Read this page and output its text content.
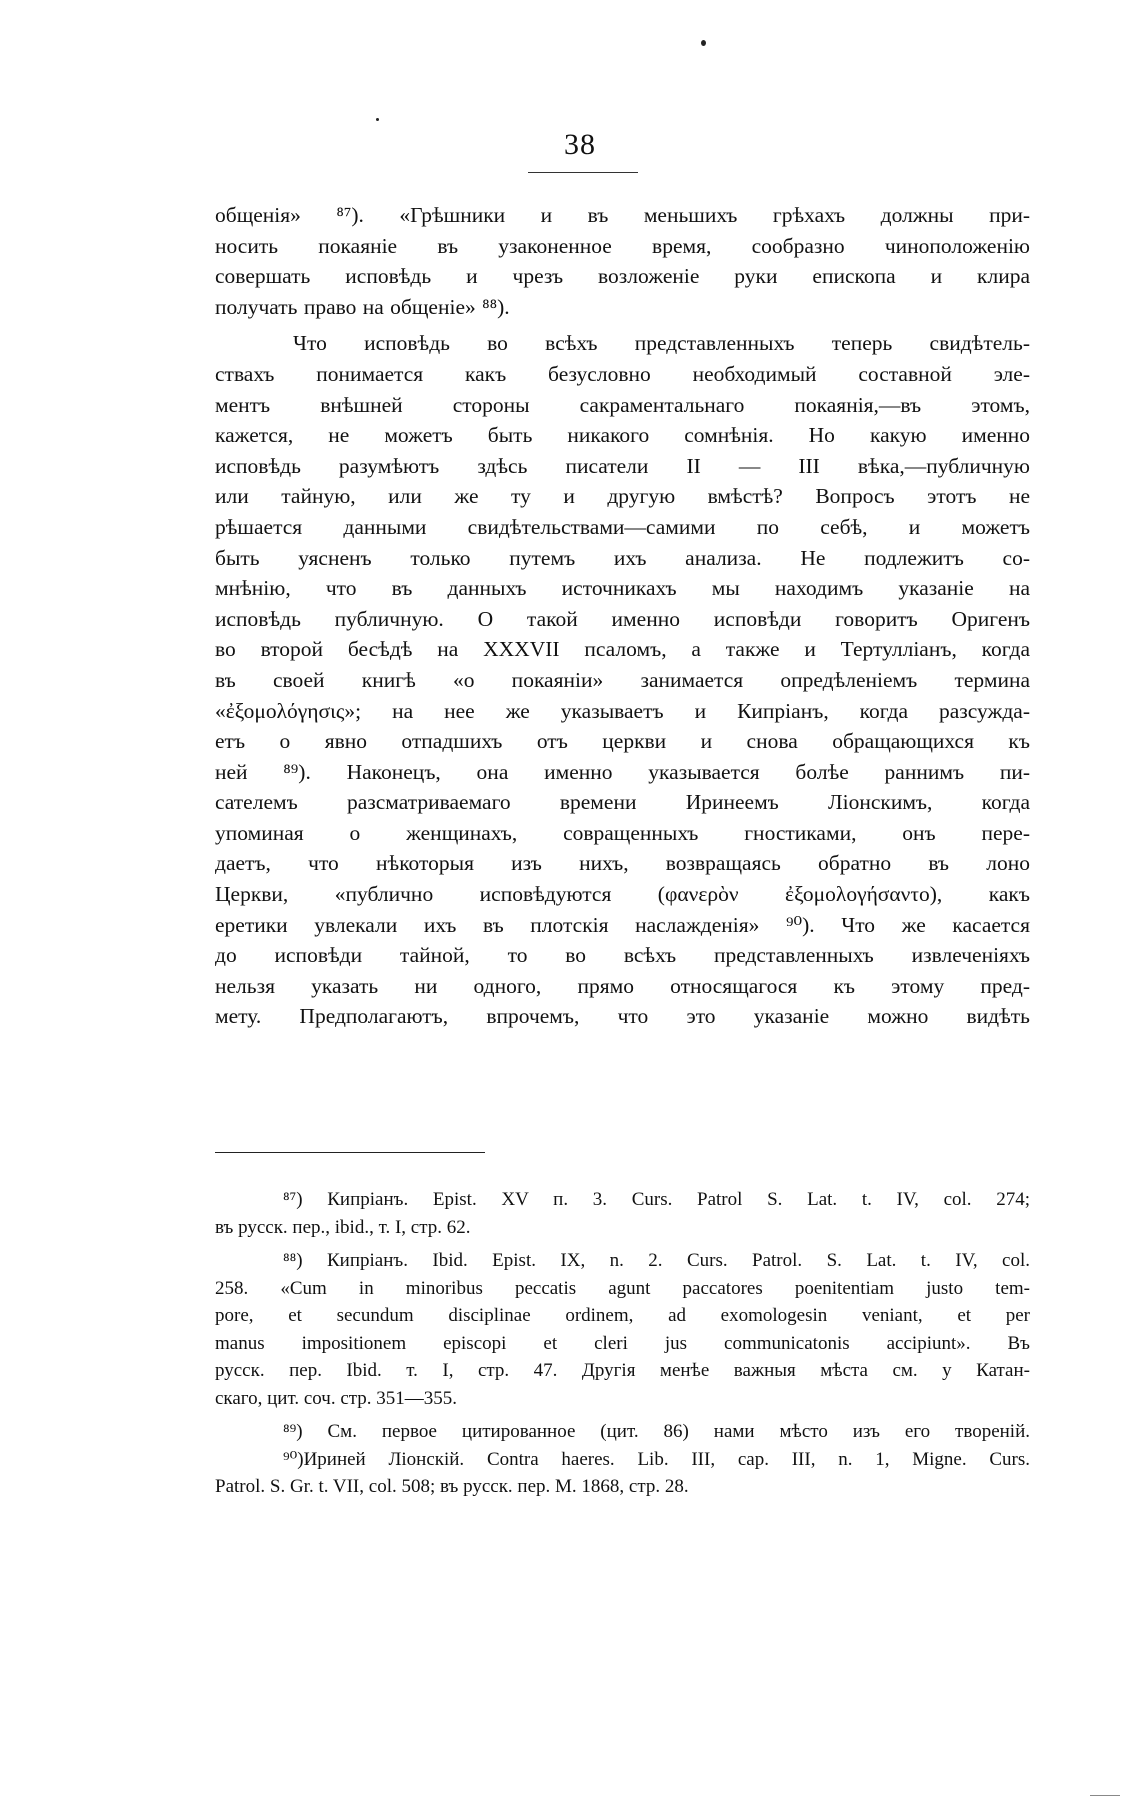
38
общенія» ⁸⁷). «Грѣшники и въ меньшихъ грѣхахъ должны при-
носить покаяніе въ узаконенное время, сообразно чиноположенію
совершать исповѣдь и чрезъ возложеніе руки епископа и клира
получать право на общеніе» ⁸⁸).
Что исповѣдь во всѣхъ представленныхъ теперь свидѣтель-
ствахъ понимается какъ безусловно необходимый составной эле-
ментъ внѣшней стороны сакраментальнаго покаянія,—въ этомъ,
кажется, не можетъ быть никакого сомнѣнія. Но какую именно
исповѣдь разумѣютъ здѣсь писатели II — III вѣка,—публичную
или тайную, или же ту и другую вмѣстѣ? Вопросъ этотъ не
рѣшается данными свидѣтельствами—самими по себѣ, и можетъ
быть уясненъ только путемъ ихъ анализа. Не подлежитъ со-
мнѣнію, что въ данныхъ источникахъ мы находимъ указаніе на
исповѣдь публичную. О такой именно исповѣди говоритъ Оригенъ
во второй бесѣдѣ на XXXVII псаломъ, а также и Тертулліанъ, когда
въ своей книгѣ «о покаяніи» занимается опредѣленіемъ термина
«ἐξομολόγησις»; на нее же указываетъ и Кипріанъ, когда разсужда-
етъ о явно отпадшихъ отъ церкви и снова обращающихся къ
ней ⁸⁹). Наконецъ, она именно указывается болѣе раннимъ пи-
сателемъ разсматриваемаго времени Иринеемъ Ліонскимъ, когда
упоминая о женщинахъ, совращенныхъ гностиками, онъ пере-
даетъ, что нѣкоторыя изъ нихъ, возвращаясь обратно въ лоно
Церкви, «публично исповѣдуются (φανερὸν ἐξομολογήσαντο), какъ
еретики увлекали ихъ въ плотскія наслажденія» ⁹⁰). Что же касается
до исповѣди тайной, то во всѣхъ представленныхъ извлеченіяхъ
нельзя указать ни одного, прямо относящагося къ этому пред-
мету. Предполагаютъ, впрочемъ, что это указаніе можно видѣть
⁸⁷) Кипріанъ. Epist. XV п. 3. Curs. Patrol S. Lat. t. IV, col. 274;
въ русск. пер., ibid., т. I, стр. 62.
⁸⁸) Кипріанъ. Ibid. Epist. IX, n. 2. Curs. Patrol. S. Lat. t. IV, col.
258. «Cum in minoribus peccatis agunt paccatores poenitentiam justo tem-
pore, et secundum disciplinae ordinem, ad exomologesin veniant, et per
manus impositionem episcopi et cleri jus communicatonis accipiunt». Въ
русск. пер. Ibid. т. I, стр. 47. Другія менѣе важныя мѣста см. у Катан-
скаго, цит. соч. стр. 351—355.
⁸⁹) См. первое цитированное (цит. 86) нами мѣсто изъ его твореній.
⁹⁰)Ириней Ліонскій. Contra haeres. Lib. III, cap. III, n. 1, Migne. Curs.
Patrol. S. Gr. t. VII, col. 508; въ русск. пер. М. 1868, стр. 28.
